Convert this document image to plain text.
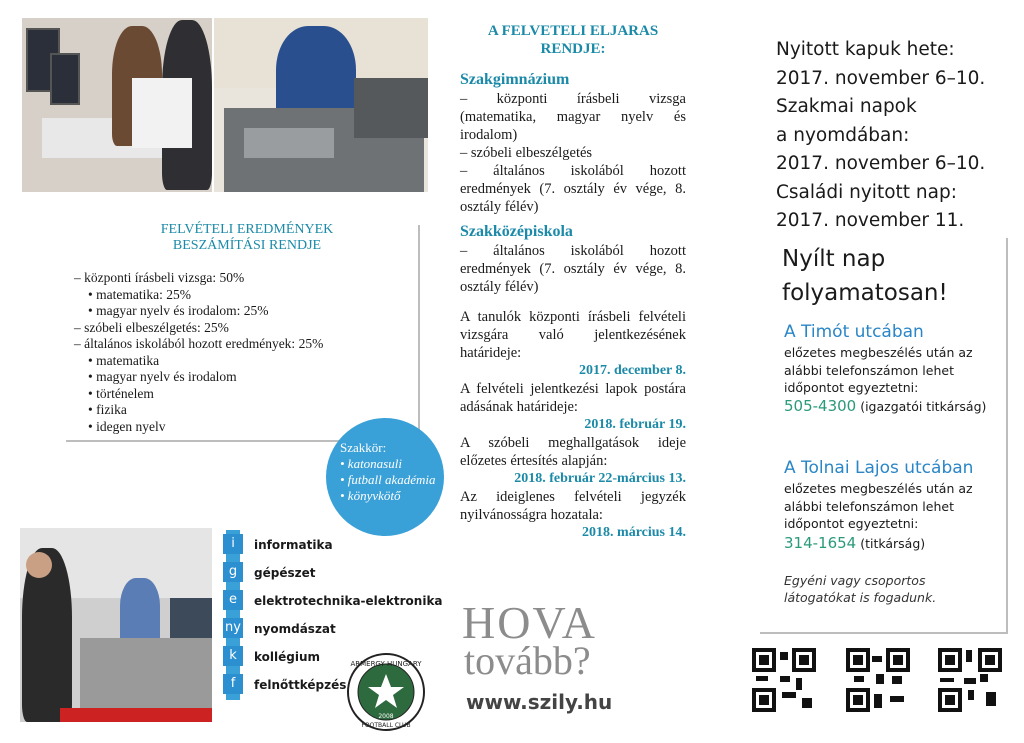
FELVÉTELI EREDMÉNYEK
BESZÁMÍTÁSI RENDJE
– központi írásbeli vizsga: 50%
• matematika: 25%
• magyar nyelv és irodalom: 25%
– szóbeli elbeszélgetés: 25%
– általános iskolából hozott eredmények: 25%
• matematika
• magyar nyelv és irodalom
• történelem
• fizika
• idegen nyelv
Szakkör:
• katonasuli
• futball akadémia
• könyvkötő
i
g
e
ny
k
f
informatika
gépészet
elektrotechnika-elektronika
nyomdászat
kollégium
felnőttképzés
ARMERGY HUNGARY
2008
FOOTBALL CLUB
A FELVETELI ELJARAS
RENDJE:
Szakgimnázium

– központi írásbeli vizsga (matematika, magyar nyelv és irodalom)

– szóbeli elbeszélgetés

– általános iskolából hozott eredmények (7. osztály év vége, 8. osztály félév)

Szakközépiskola

– általános iskolából hozott eredmények (7. osztály év vége, 8. osztály félév)

A tanulók központi írásbeli felvételi vizsgára való jelentkezésének határideje:

2017. december 8.

A felvételi jelentkezési lapok postára adásának határideje:

2018. február 19.

A szóbeli meghallgatások ideje előzetes értesítés alapján:

2018. február 22-március 13.

Az ideiglenes felvételi jegyzék nyilvánosságra hozatala:

2018. március 14.
HOVA
tovább?
www.szily.hu
Nyitott kapuk hete:
2017. november 6–10.
Szakmai napok
a nyomdában:
2017. november 6–10.
Családi nyitott nap:
2017. november 11.
Nyílt nap
folyamatosan!
A Timót utcában
előzetes megbeszélés után az alábbi telefonszámon lehet időpontot egyeztetni:
505-4300 (igazgatói titkárság)
A Tolnai Lajos utcában
előzetes megbeszélés után az alábbi telefonszámon lehet időpontot egyeztetni:
314-1654 (titkárság)
Egyéni vagy csoportos
látogatókat is fogadunk.
